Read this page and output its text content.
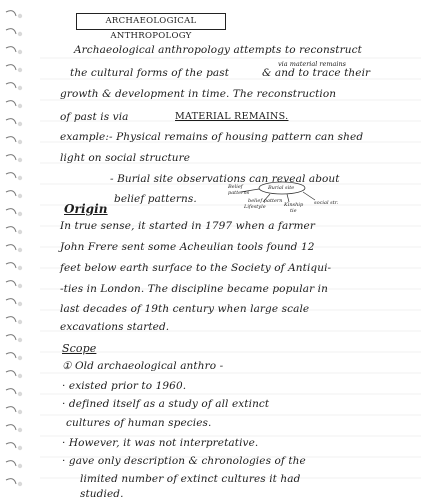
ARCHAEOLOGICAL ANTHROPOLOGY
Archaeological anthropology attempts to reconstruct
via material remains
the cultural forms of the past	& and to trace their
growth & development in time. The reconstruction
of past is via	MATERIAL REMAINS.
example:- Physical remains of housing pattern can shed
light on social structure
- Burial site observations can reveal about
belief patterns.
Belief
patterns
Burial site
Lifestyle
belief pattern
Kinship
tie
social str.
Origin
In true sense, it started in 1797 when a farmer
John Frere sent some Acheulian tools found 12
feet below earth surface to the Society of Antiqui-
-ties in London. The discipline became popular in
last decades of 19th century when large scale
excavations started.
Scope
① Old archaeological anthro -
· existed prior to 1960.
· defined itself as a study of all extinct
cultures of human species.
· However, it was not interpretative.
· gave only description & chronologies of the
limited number of extinct cultures it had
studied.
